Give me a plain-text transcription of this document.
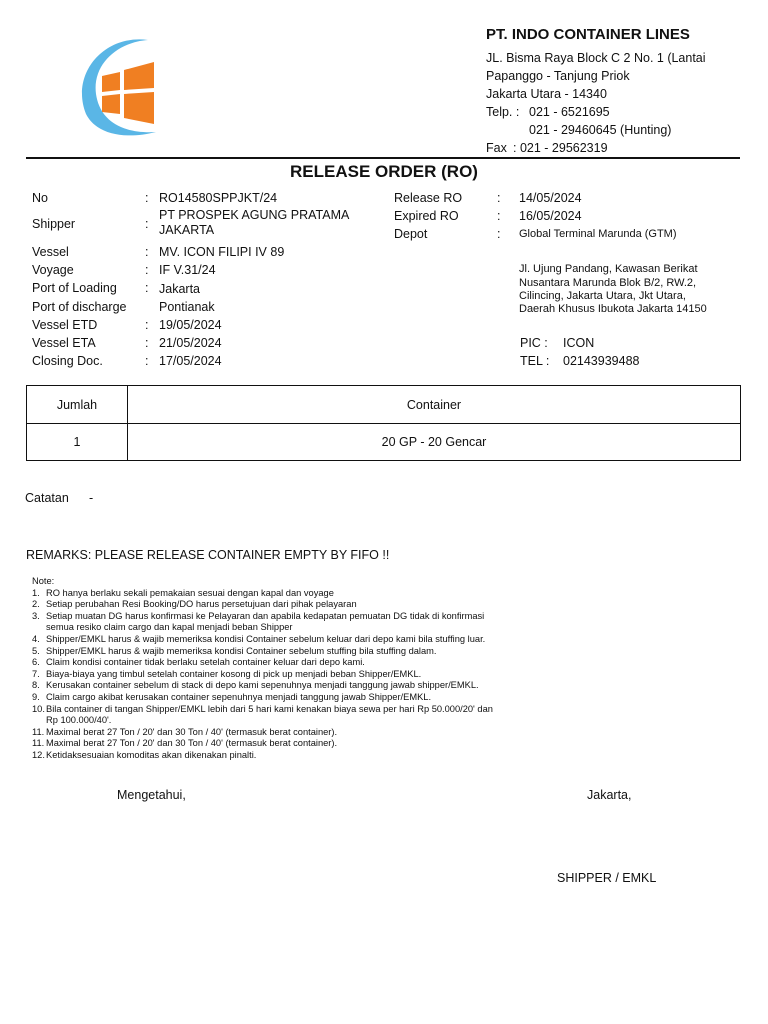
PT. INDO CONTAINER LINES
JL. Bisma Raya Block C 2 No. 1 (Lantai
Papanggo - Tanjung Priok
Jakarta Utara - 14340
Telp. : 021 - 6521695
021 - 29460645 (Hunting)
Fax : 021 - 29562319
RELEASE ORDER (RO)
No	: RO14580SPPJKT/24
Shipper	:
PT PROSPEK AGUNG PRATAMA
JAKARTA
Vessel	: MV. ICON FILIPI IV 89
Voyage	: IF V.31/24
Port of Loading : Jakarta
Port of discharge	Pontianak
Vessel ETD	: 19/05/2024
Vessel ETA	: 21/05/2024
Closing Doc.	: 17/05/2024
Release RO	: 14/05/2024
Expired RO	: 16/05/2024
Depot	: Global Terminal Marunda (GTM)
Jl. Ujung Pandang, Kawasan Berikat
Nusantara Marunda Blok B/2, RW.2,
Cilincing, Jakarta Utara, Jkt Utara,
Daerah Khusus Ibukota Jakarta 14150
PIC : ICON
TEL : 02143939488
Jumlah	Container
1	20 GP - 20 Gencar
Catatan -
REMARKS: PLEASE RELEASE CONTAINER EMPTY BY FIFO !!
Note:
1. RO hanya berlaku sekali pemakaian sesuai dengan kapal dan voyage
2. Setiap perubahan Resi Booking/DO harus persetujuan dari pihak pelayaran
3. Setiap muatan DG harus konfirmasi ke Pelayaran dan apabila kedapatan pemuatan DG tidak di konfirmasi
semua resiko claim cargo dan kapal menjadi beban Shipper
4. Shipper/EMKL harus & wajib memeriksa kondisi Container sebelum keluar dari depo kami bila stuffing luar.
5. Shipper/EMKL harus & wajib memeriksa kondisi Container sebelum stuffing bila stuffing dalam.
6. Claim kondisi container tidak berlaku setelah container keluar dari depo kami.
7. Biaya-biaya yang timbul setelah container kosong di pick up menjadi beban Shipper/EMKL.
8. Kerusakan container sebelum di stack di depo kami sepenuhnya menjadi tanggung jawab shipper/EMKL.
9. Claim cargo akibat kerusakan container sepenuhnya menjadi tanggung jawab Shipper/EMKL.
10.Bila container di tangan Shipper/EMKL lebih dari 5 hari kami kenakan biaya sewa per hari Rp 50.000/20' dan
Rp 100.000/40'.
11. Maximal berat 27 Ton / 20' dan 30 Ton / 40' (termasuk berat container).
11. Maximal berat 27 Ton / 20' dan 30 Ton / 40' (termasuk berat container).
12.Ketidaksesuaian komoditas akan dikenakan pinalti.
Mengetahui,	Jakarta,
SHIPPER / EMKL
